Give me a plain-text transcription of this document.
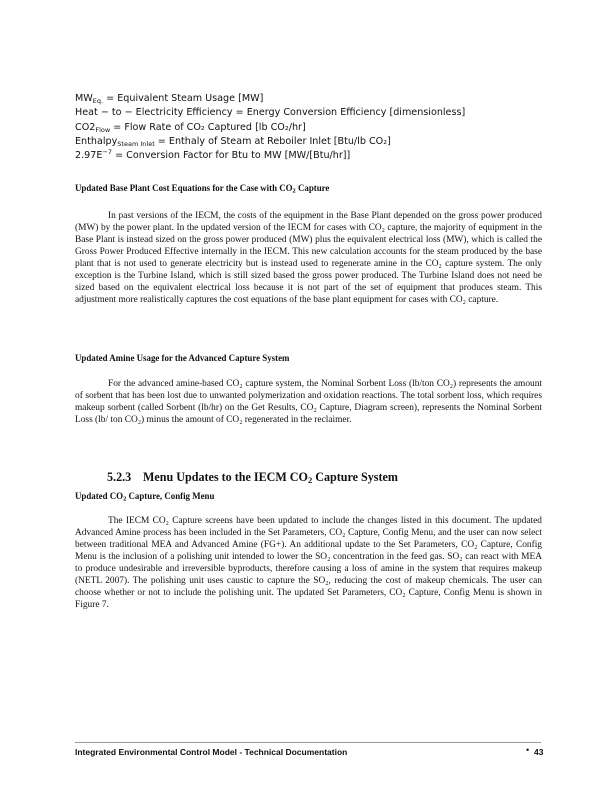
$MW_{Eq.}$ = Equivalent Steam Usage [MW]
Heat − to − Electricity Efficiency = Energy Conversion Efficiency [dimensionless]
$CO2_{Flow}$ = Flow Rate of CO₂ Captured [lb CO₂/hr]
Enthalpy$_{Steam Inlet}$ = Enthaly of Steam at Reboiler Inlet [Btu/lb CO₂]
$2.97E^{-7}$ = Conversion Factor for Btu to MW [MW/[Btu/hr]]
Updated Base Plant Cost Equations for the Case with $CO_2$ Capture
In past versions of the IECM, the costs of the equipment in the Base Plant depended on the gross power produced (MW) by the power plant. In the updated version of the IECM for cases with CO₂ capture, the majority of equipment in the Base Plant is instead sized on the gross power produced (MW) plus the equivalent electrical loss (MW), which is called the Gross Power Produced Effective internally in the IECM. This new calculation accounts for the steam produced by the base plant that is not used to generate electricity but is instead used to regenerate amine in the CO₂ capture system. The only exception is the Turbine Island, which is still sized based the gross power produced. The Turbine Island does not need be sized based on the equivalent electrical loss because it is not part of the set of equipment that produces steam. This adjustment more realistically captures the cost equations of the base plant equipment for cases with CO₂ capture.
Updated Amine Usage for the Advanced Capture System
For the advanced amine-based CO₂ capture system, the Nominal Sorbent Loss (lb/ton CO₂) represents the amount of sorbent that has been lost due to unwanted polymerization and oxidation reactions. The total sorbent loss, which requires makeup sorbent (called Sorbent (lb/hr) on the Get Results, CO₂ Capture, Diagram screen), represents the Nominal Sorbent Loss (lb/ ton CO₂) minus the amount of CO₂ regenerated in the reclaimer.
5.2.3 Menu Updates to the IECM $CO_2$ Capture System
Updated $CO_2$ Capture, Config Menu
The IECM CO₂ Capture screens have been updated to include the changes listed in this document. The updated Advanced Amine process has been included in the Set Parameters, CO₂ Capture, Config Menu, and the user can now select between traditional MEA and Advanced Amine (FG+). An additional update to the Set Parameters, CO₂ Capture, Config Menu is the inclusion of a polishing unit intended to lower the SO₂ concentration in the feed gas. SO₂ can react with MEA to produce undesirable and irreversible byproducts, therefore causing a loss of amine in the system that requires makeup (NETL 2007). The polishing unit uses caustic to capture the SO₂, reducing the cost of makeup chemicals. The user can choose whether or not to include the polishing unit. The updated Set Parameters, CO₂ Capture, Config Menu is shown in Figure 7.
Integrated Environmental Control Model - Technical Documentation	• 43
